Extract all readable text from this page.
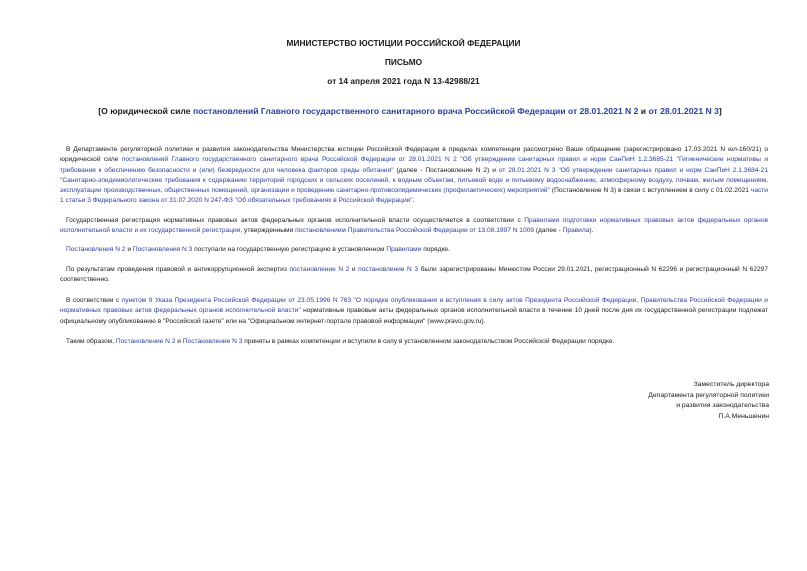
МИНИСТЕРСТВО ЮСТИЦИИ РОССИЙСКОЙ ФЕДЕРАЦИИ
ПИСЬМО
от 14 апреля 2021 года N 13-42988/21
[О юридической силе постановлений Главного государственного санитарного врача Российской Федерации от 28.01.2021 N 2 и от 28.01.2021 N 3]
В Департаменте регуляторной политики и развития законодательства Министерства юстиции Российской Федерации в пределах компетенции рассмотрено Ваше обращение (зарегистрировано 17.03.2021 N юл-160/21) о юридической силе постановлений Главного государственного санитарного врача Российской Федерации от 28.01.2021 N 2 "Об утверждении санитарных правил и норм СанПиН 1.2.3685-21 "Гигиенические нормативы и требования к обеспечению безопасности и (или) безвредности для человека факторов среды обитания" (далее - Постановление N 2) и от 28.01.2021 N 3 "Об утверждении санитарных правил и норм СанПиН 2.1.3684-21 "Санитарно-эпидемиологические требования к содержанию территорий городских и сельских поселений, к водным объектам, питьевой воде и питьевому водоснабжению, атмосферному воздуху, почвам, жилым помещениям, эксплуатации производственных, общественных помещений, организации и проведению санитарно-противоэпидемических (профилактических) мероприятий" (Постановление N 3) в связи с вступлением в силу с 01.02.2021 части 1 статьи 3 Федерального закона от 31.07.2020 N 247-ФЗ "Об обязательных требованиях в Российской Федерации".
Государственная регистрация нормативных правовых актов федеральных органов исполнительной власти осуществляется в соответствии с Правилами подготовки нормативных правовых актов федеральных органов исполнительной власти и их государственной регистрации, утвержденными постановлением Правительства Российской Федерации от 13.08.1997 N 1009 (далее - Правила).
Постановления N 2 и Постановления N 3 поступали на государственную регистрацию в установленном Правилами порядке.
По результатам проведения правовой и антикоррупционной экспертиз постановление N 2 и постановление N 3 были зарегистрированы Минюстом России 29.01.2021, регистрационный N 62296 и регистрационный N 62297 соответственно.
В соответствии с пунктом 9 Указа Президента Российской Федерации от 23.05.1996 N 763 "О порядке опубликования и вступления в силу актов Президента Российской Федерации, Правительства Российской Федерации и нормативных правовых актов федеральных органов исполнительной власти" нормативные правовые акты федеральных органов исполнительной власти в течение 10 дней после дня их государственной регистрации подлежат официальному опубликованию в "Российской газете" или на "Официальном интернет-портале правовой информации" (www.pravo.gov.ru).
Таким образом, Постановление N 2 и Постановление N 3 приняты в рамках компетенции и вступили в силу в установленном законодательством Российской Федерации порядке.
Заместитель директора
Департамента регуляторной политики
и развития законодательства
П.А.Меньшенин
